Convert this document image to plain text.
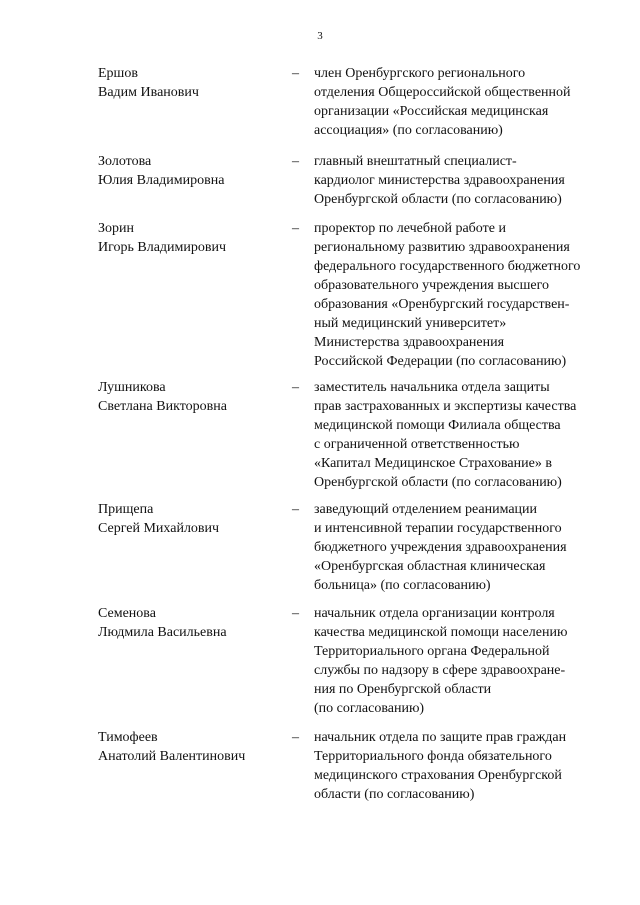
3
Ершов
Вадим Иванович
– член Оренбургского регионального
отделения Общероссийской общественной
организации «Российская медицинская
ассоциация» (по согласованию)
Золотова
Юлия Владимировна
– главный внештатный специалист-
кардиолог министерства здравоохранения
Оренбургской области (по согласованию)
Зорин
Игорь Владимирович
– проректор по лечебной работе и
региональному развитию здравоохранения
федерального государственного бюджетного
образовательного учреждения высшего
образования «Оренбургский государствен-
ный медицинский университет»
Министерства здравоохранения
Российской Федерации (по согласованию)
Лушникова
Светлана Викторовна
– заместитель начальника отдела защиты
прав застрахованных и экспертизы качества
медицинской помощи Филиала общества
с ограниченной ответственностью
«Капитал Медицинское Страхование» в
Оренбургской области (по согласованию)
Прищепа
Сергей Михайлович
– заведующий отделением реанимации
и интенсивной терапии государственного
бюджетного учреждения здравоохранения
«Оренбургская областная клиническая
больница» (по согласованию)
Семенова
Людмила Васильевна
– начальник отдела организации контроля
качества медицинской помощи населению
Территориального органа Федеральной
службы по надзору в сфере здравоохране-
ния по Оренбургской области
(по согласованию)
Тимофеев
Анатолий Валентинович
– начальник отдела по защите прав граждан
Территориального фонда обязательного
медицинского страхования Оренбургской
области (по согласованию)
